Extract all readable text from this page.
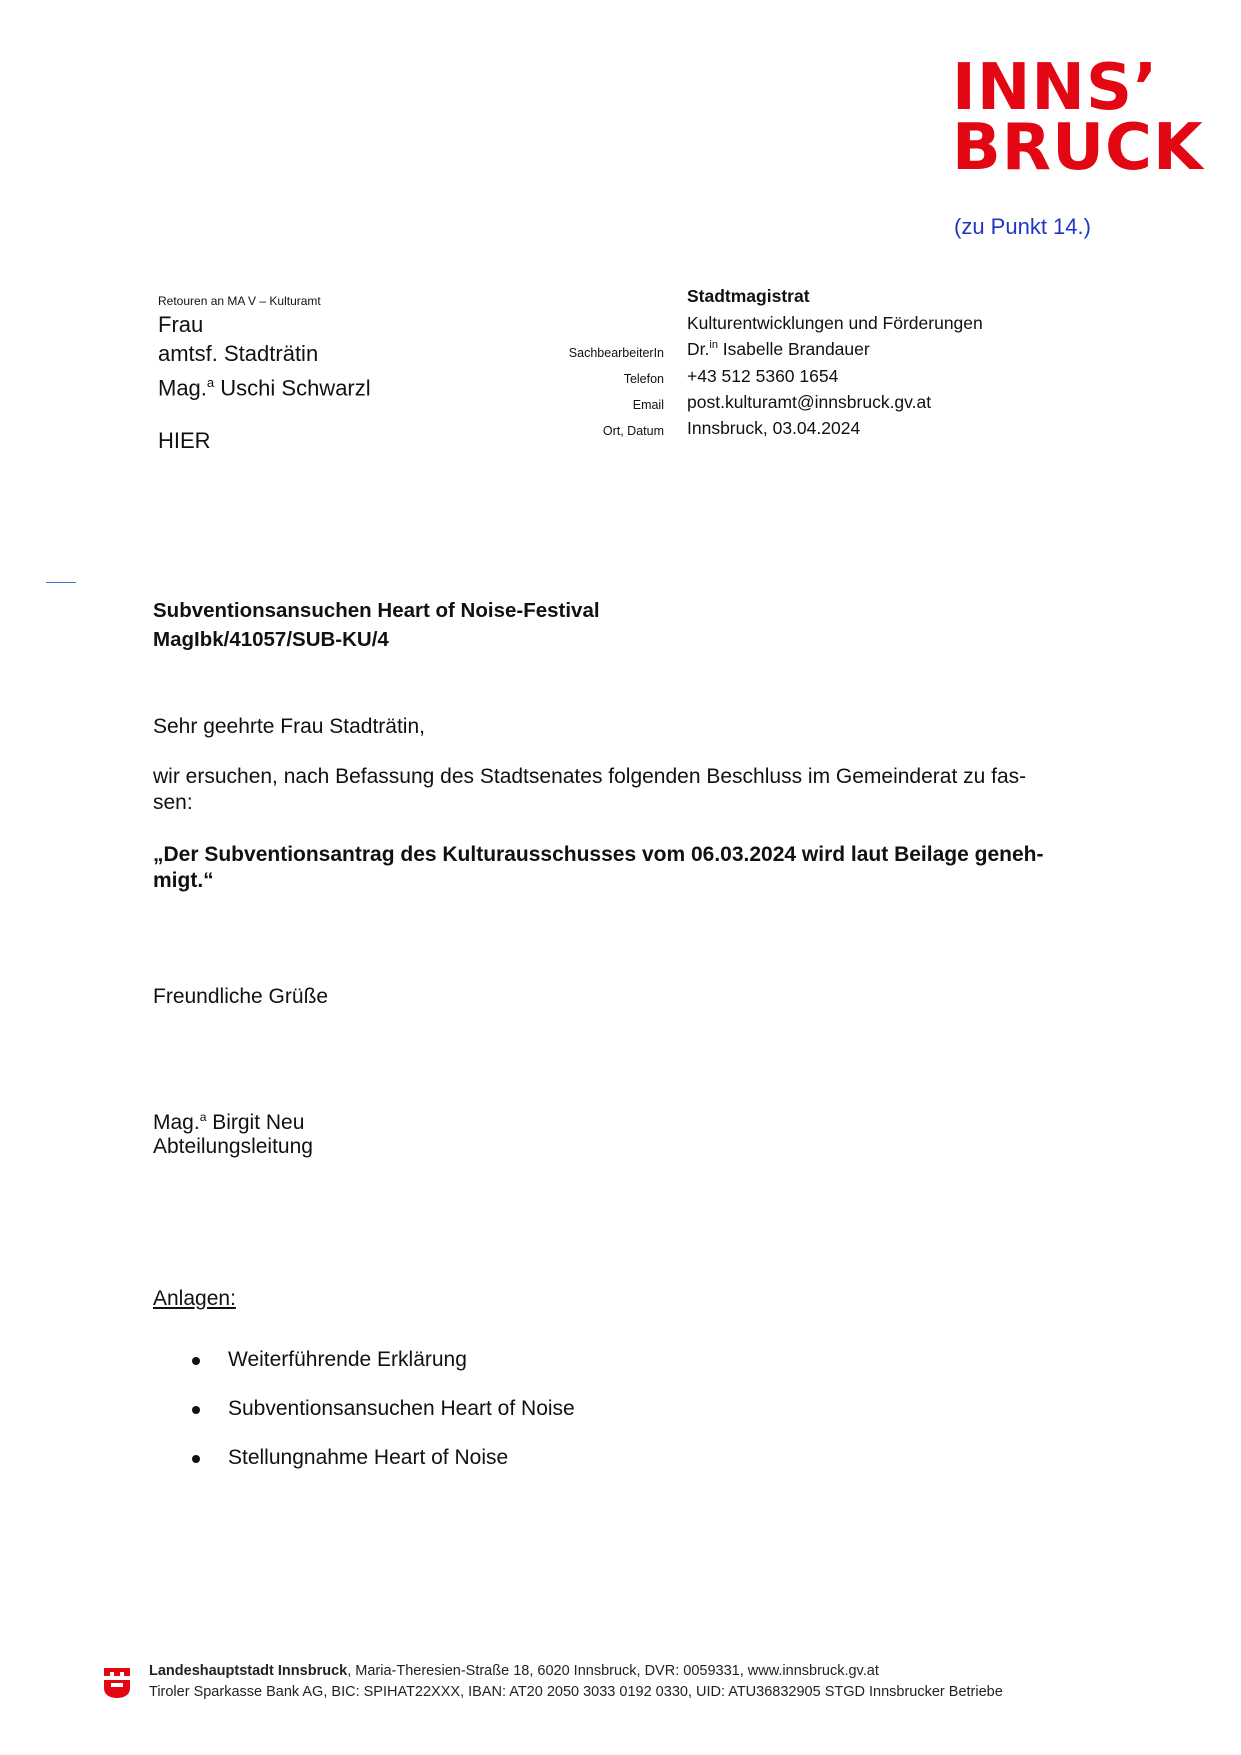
INNS’
BRUCK
(zu Punkt 14.)
Retouren an MA V – Kulturamt
Frau
amtsf. Stadträtin
Mag.$^a$ Uschi Schwarzl
HIER
Stadtmagistrat
Kulturentwicklungen und Förderungen
SachbearbeiterIn Dr.$^{in}$ Isabelle Brandauer
Telefon +43 512 5360 1654
Email post.kulturamt@innsbruck.gv.at
Ort, Datum Innsbruck, 03.04.2024
Subventionsansuchen Heart of Noise-Festival
MagIbk/41057/SUB-KU/4
Sehr geehrte Frau Stadträtin,
wir ersuchen, nach Befassung des Stadtsenates folgenden Beschluss im Gemeinderat zu fas-
sen:
„Der Subventionsantrag des Kulturausschusses vom 06.03.2024 wird laut Beilage geneh-
migt.“
Freundliche Grüße
Mag.$^a$ Birgit Neu
Abteilungsleitung
Anlagen:
Weiterführende Erklärung
Subventionsansuchen Heart of Noise
Stellungnahme Heart of Noise
Landeshauptstadt Innsbruck, Maria-Theresien-Straße 18, 6020 Innsbruck, DVR: 0059331, www.innsbruck.gv.at
Tiroler Sparkasse Bank AG, BIC: SPIHAT22XXX, IBAN: AT20 2050 3033 0192 0330, UID: ATU36832905 STGD Innsbrucker Betriebe
